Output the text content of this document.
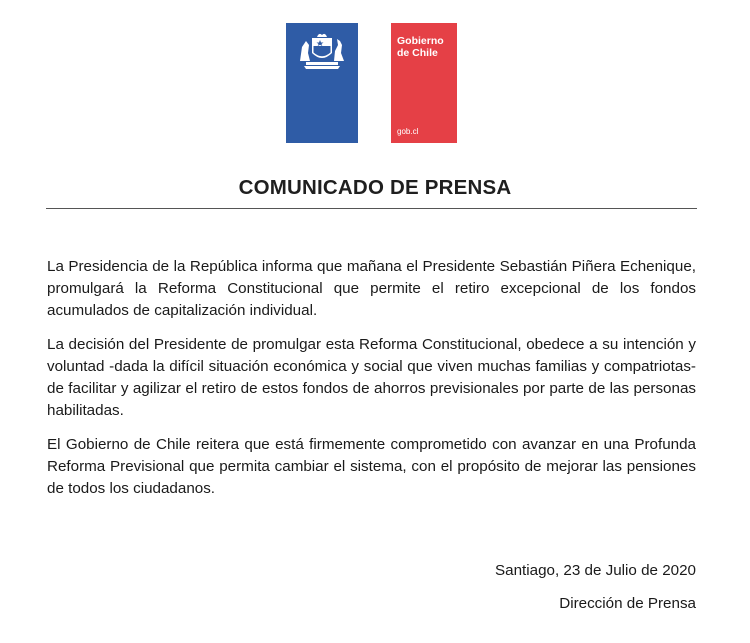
Gobierno
de Chile
gob.cl
COMUNICADO DE PRENSA

La Presidencia de la República informa que mañana el Presidente Sebastián Piñera Echenique, promulgará la Reforma Constitucional que permite el retiro excepcional de los fondos acumulados de capitalización individual.

La decisión del Presidente de promulgar esta Reforma Constitucional, obedece a su intención y voluntad -dada la difícil situación económica y social que viven muchas familias y compatriotas- de facilitar y agilizar el retiro de estos fondos de ahorros previsionales por parte de las personas habilitadas.

El Gobierno de Chile reitera que está firmemente comprometido con avanzar en una Profunda Reforma Previsional que permita cambiar el sistema, con el propósito de mejorar las pensiones de todos los ciudadanos.

Santiago, 23 de Julio de 2020
Dirección de Prensa
